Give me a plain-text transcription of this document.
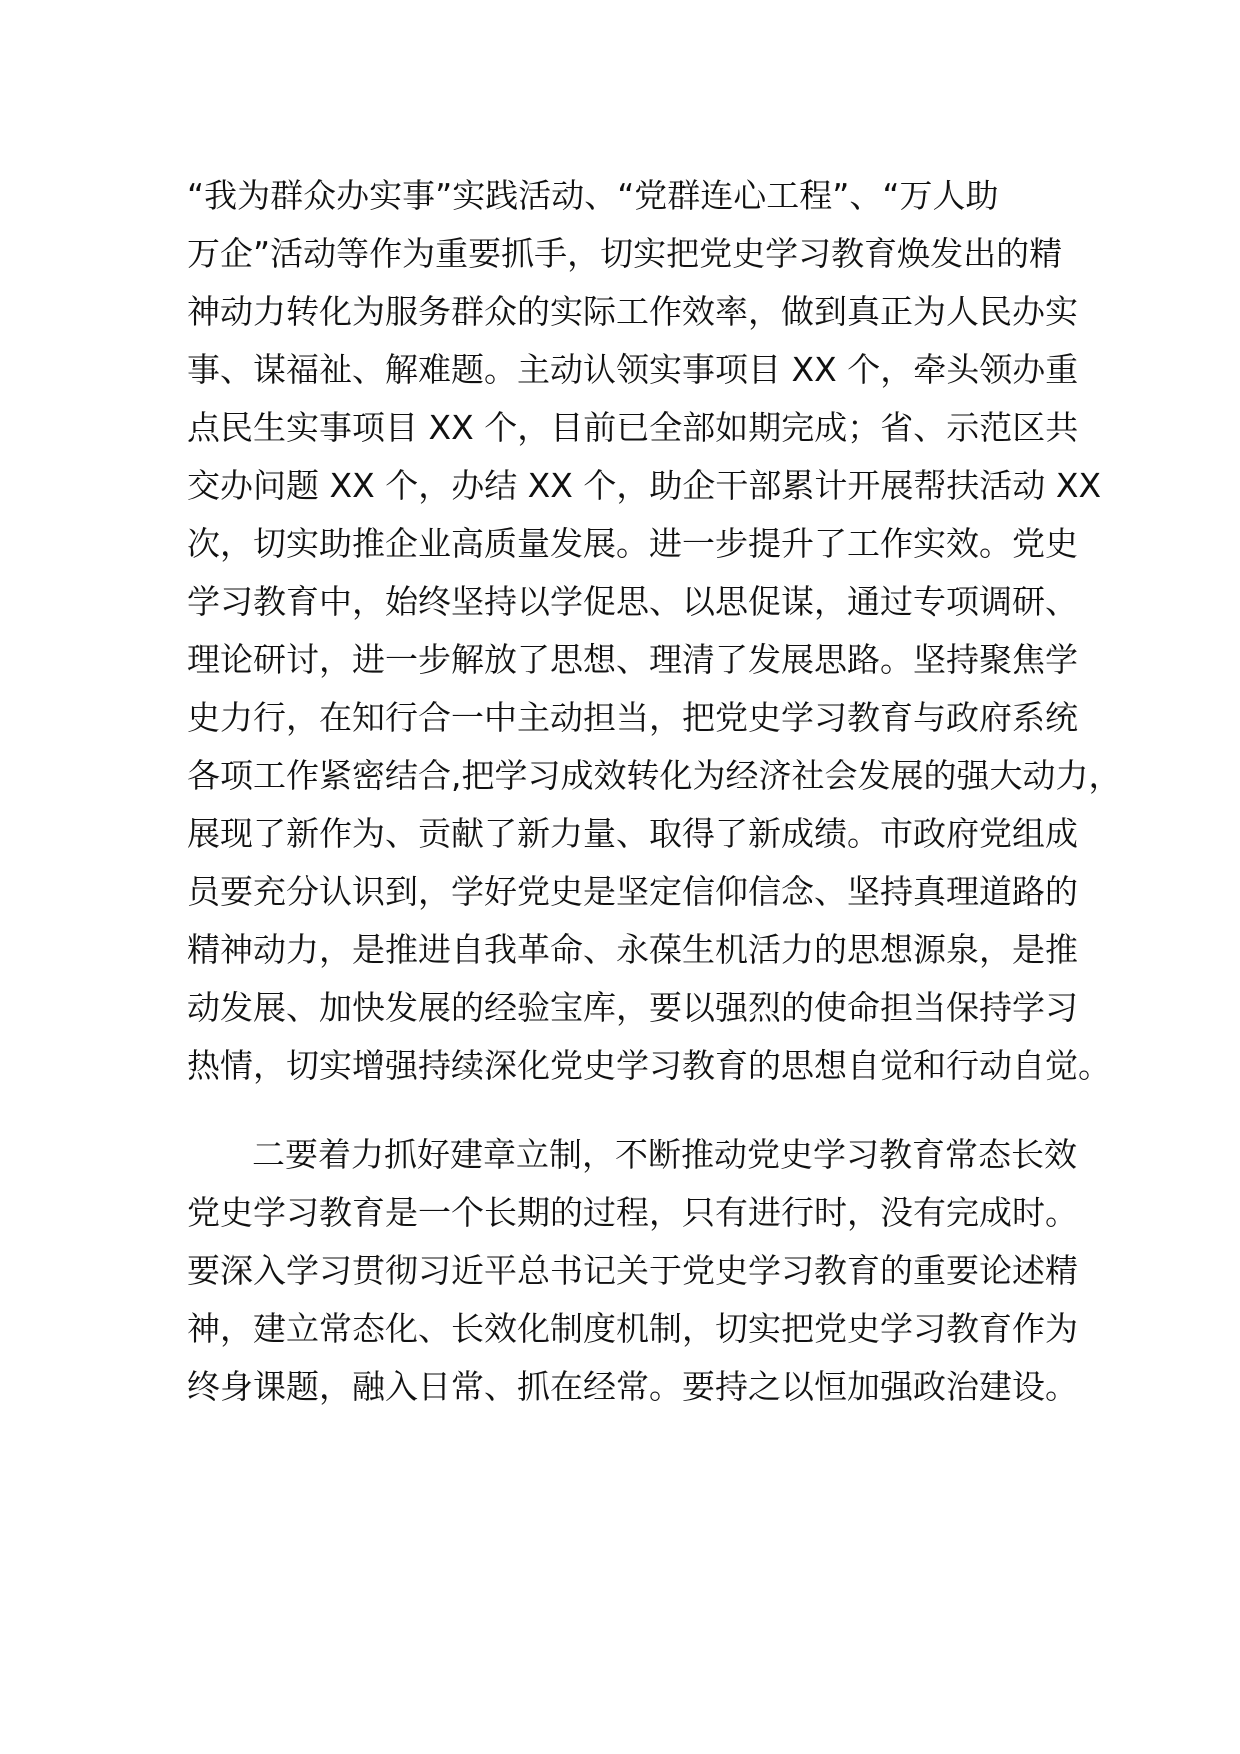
“我为群众办实事”实践活动、“党群连心工程”、“万人助
万企”活动等作为重要抓手，切实把党史学习教育焕发出的精
神动力转化为服务群众的实际工作效率，做到真正为人民办实
事、谋福祉、解难题。主动认领实事项目 XX 个，牵头领办重
点民生实事项目 XX 个，目前已全部如期完成；省、示范区共
交办问题 XX 个，办结 XX 个，助企干部累计开展帮扶活动 XX
次，切实助推企业高质量发展。进一步提升了工作实效。党史
学习教育中，始终坚持以学促思、以思促谋，通过专项调研、
理论研讨，进一步解放了思想、理清了发展思路。坚持聚焦学
史力行，在知行合一中主动担当，把党史学习教育与政府系统
各项工作紧密结合,把学习成效转化为经济社会发展的强大动力，
展现了新作为、贡献了新力量、取得了新成绩。市政府党组成
员要充分认识到，学好党史是坚定信仰信念、坚持真理道路的
精神动力，是推进自我革命、永葆生机活力的思想源泉，是推
动发展、加快发展的经验宝库，要以强烈的使命担当保持学习
热情，切实增强持续深化党史学习教育的思想自觉和行动自觉。
二要着力抓好建章立制，不断推动党史学习教育常态长效
党史学习教育是一个长期的过程，只有进行时，没有完成时。
要深入学习贯彻习近平总书记关于党史学习教育的重要论述精
神，建立常态化、长效化制度机制，切实把党史学习教育作为
终身课题，融入日常、抓在经常。要持之以恒加强政治建设。
